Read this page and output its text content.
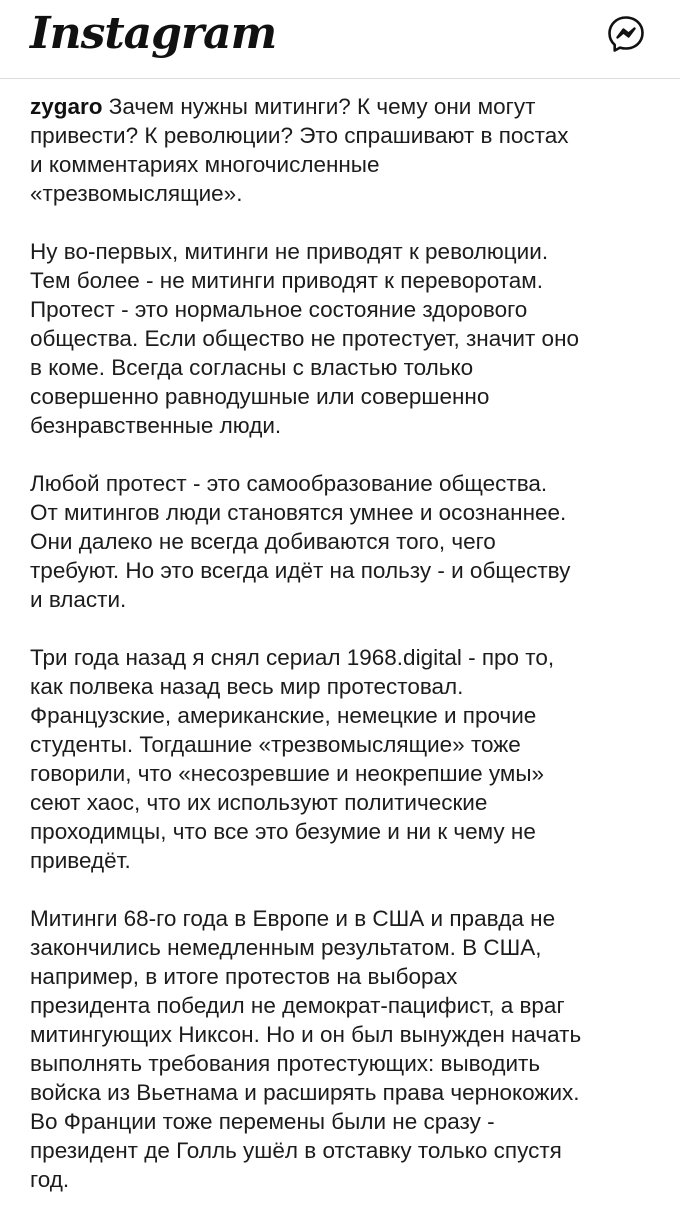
Instagram

zygaro Зачем нужны митинги? К чему они могут
привести? К революции? Это спрашивают в постах
и комментариях многочисленные
«трезвомыслящие».

Ну во-первых, митинги не приводят к революции.
Тем более - не митинги приводят к переворотам.
Протест - это нормальное состояние здорового
общества. Если общество не протестует, значит оно
в коме. Всегда согласны с властью только
совершенно равнодушные или совершенно
безнравственные люди.

Любой протест - это самообразование общества.
От митингов люди становятся умнее и осознаннее.
Они далеко не всегда добиваются того, чего
требуют. Но это всегда идёт на пользу - и обществу
и власти.

Три года назад я снял сериал 1968.digital - про то,
как полвека назад весь мир протестовал.
Французские, американские, немецкие и прочие
студенты. Тогдашние «трезвомыслящие» тоже
говорили, что «несозревшие и неокрепшие умы»
сеют хаос, что их используют политические
проходимцы, что все это безумие и ни к чему не
приведёт.

Митинги 68-го года в Европе и в США и правда не
закончились немедленным результатом. В США,
например, в итоге протестов на выборах
президента победил не демократ-пацифист, а враг
митингующих Никсон. Но и он был вынужден начать
выполнять требования протестующих: выводить
войска из Вьетнама и расширять права чернокожих.
Во Франции тоже перемены были не сразу -
президент де Голль ушёл в отставку только спустя
год.
